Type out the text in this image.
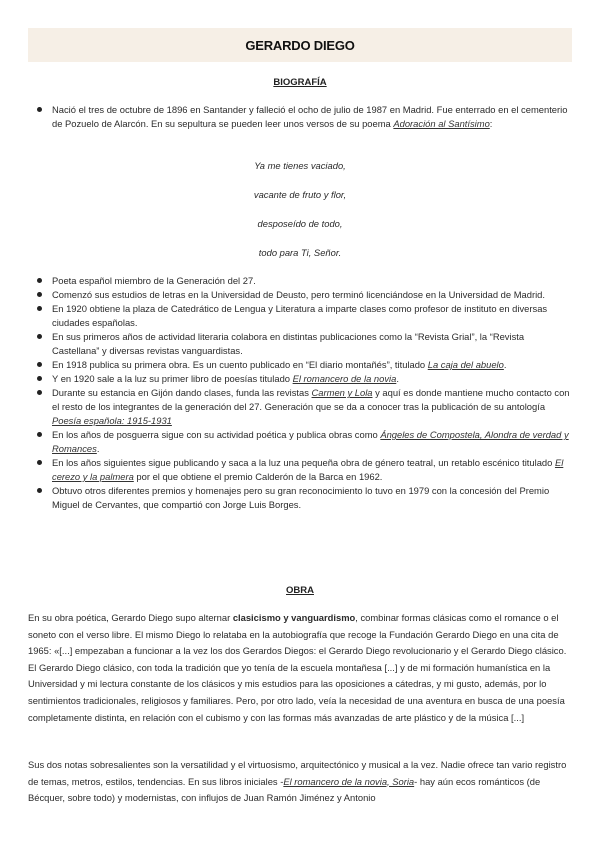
GERARDO DIEGO
BIOGRAFÍA
Nació el tres de octubre de 1896 en Santander y falleció el ocho de julio de 1987 en Madrid. Fue enterrado en el cementerio de Pozuelo de Alarcón. En su sepultura se pueden leer unos versos de su poema Adoración al Santísimo:

Ya me tienes vaciado,

vacante de fruto y flor,

desposeído de todo,

todo para Ti, Señor.

Poeta español miembro de la Generación del 27.
Comenzó sus estudios de letras en la Universidad de Deusto, pero terminó licenciándose en la Universidad de Madrid.
En 1920 obtiene la plaza de Catedrático de Lengua y Literatura a imparte clases como profesor de instituto en diversas ciudades españolas.
En sus primeros años de actividad literaria colabora en distintas publicaciones como la “Revista Grial”, la “Revista Castellana” y diversas revistas vanguardistas.
En 1918 publica su primera obra. Es un cuento publicado en “El diario montañés”, titulado La caja del abuelo.
Y en 1920 sale a la luz su primer libro de poesías titulado El romancero de la novia.
Durante su estancia en Gijón dando clases, funda las revistas Carmen y Lola y aquí es donde mantiene mucho contacto con el resto de los integrantes de la generación del 27. Generación que se da a conocer tras la publicación de su antología Poesía española: 1915-1931
En los años de posguerra sigue con su actividad poética y publica obras como Ángeles de Compostela, Alondra de verdad y Romances.
En los años siguientes sigue publicando y saca a la luz una pequeña obra de género teatral, un retablo escénico titulado El cerezo y la palmera por el que obtiene el premio Calderón de la Barca en 1962.
Obtuvo otros diferentes premios y homenajes pero su gran reconocimiento lo tuvo en 1979 con la concesión del Premio Miguel de Cervantes, que compartió con Jorge Luis Borges.
OBRA

En su obra poética, Gerardo Diego supo alternar clasicismo y vanguardismo, combinar formas clásicas como el romance o el soneto con el verso libre. El mismo Diego lo relataba en la autobiografía que recoge la Fundación Gerardo Diego en una cita de 1965: «[...] empezaban a funcionar a la vez los dos Gerardos Diegos: el Gerardo Diego revolucionario y el Gerardo Diego clásico. El Gerardo Diego clásico, con toda la tradición que yo tenía de la escuela montañesa [...] y de mi formación humanística en la Universidad y mi lectura constante de los clásicos y mis estudios para las oposiciones a cátedras, y mi gusto, además, por lo sentimientos tradicionales, religiosos y familiares. Pero, por otro lado, veía la necesidad de una aventura en busca de una poesía completamente distinta, en relación con el cubismo y con las formas más avanzadas de arte plástico y de la música [...]

Sus dos notas sobresalientes son la versatilidad y el virtuosismo, arquitectónico y musical a la vez. Nadie ofrece tan vario registro de temas, metros, estilos, tendencias. En sus libros iniciales -El romancero de la novia, Soria- hay aún ecos románticos (de Bécquer, sobre todo) y modernistas, con influjos de Juan Ramón Jiménez y Antonio
